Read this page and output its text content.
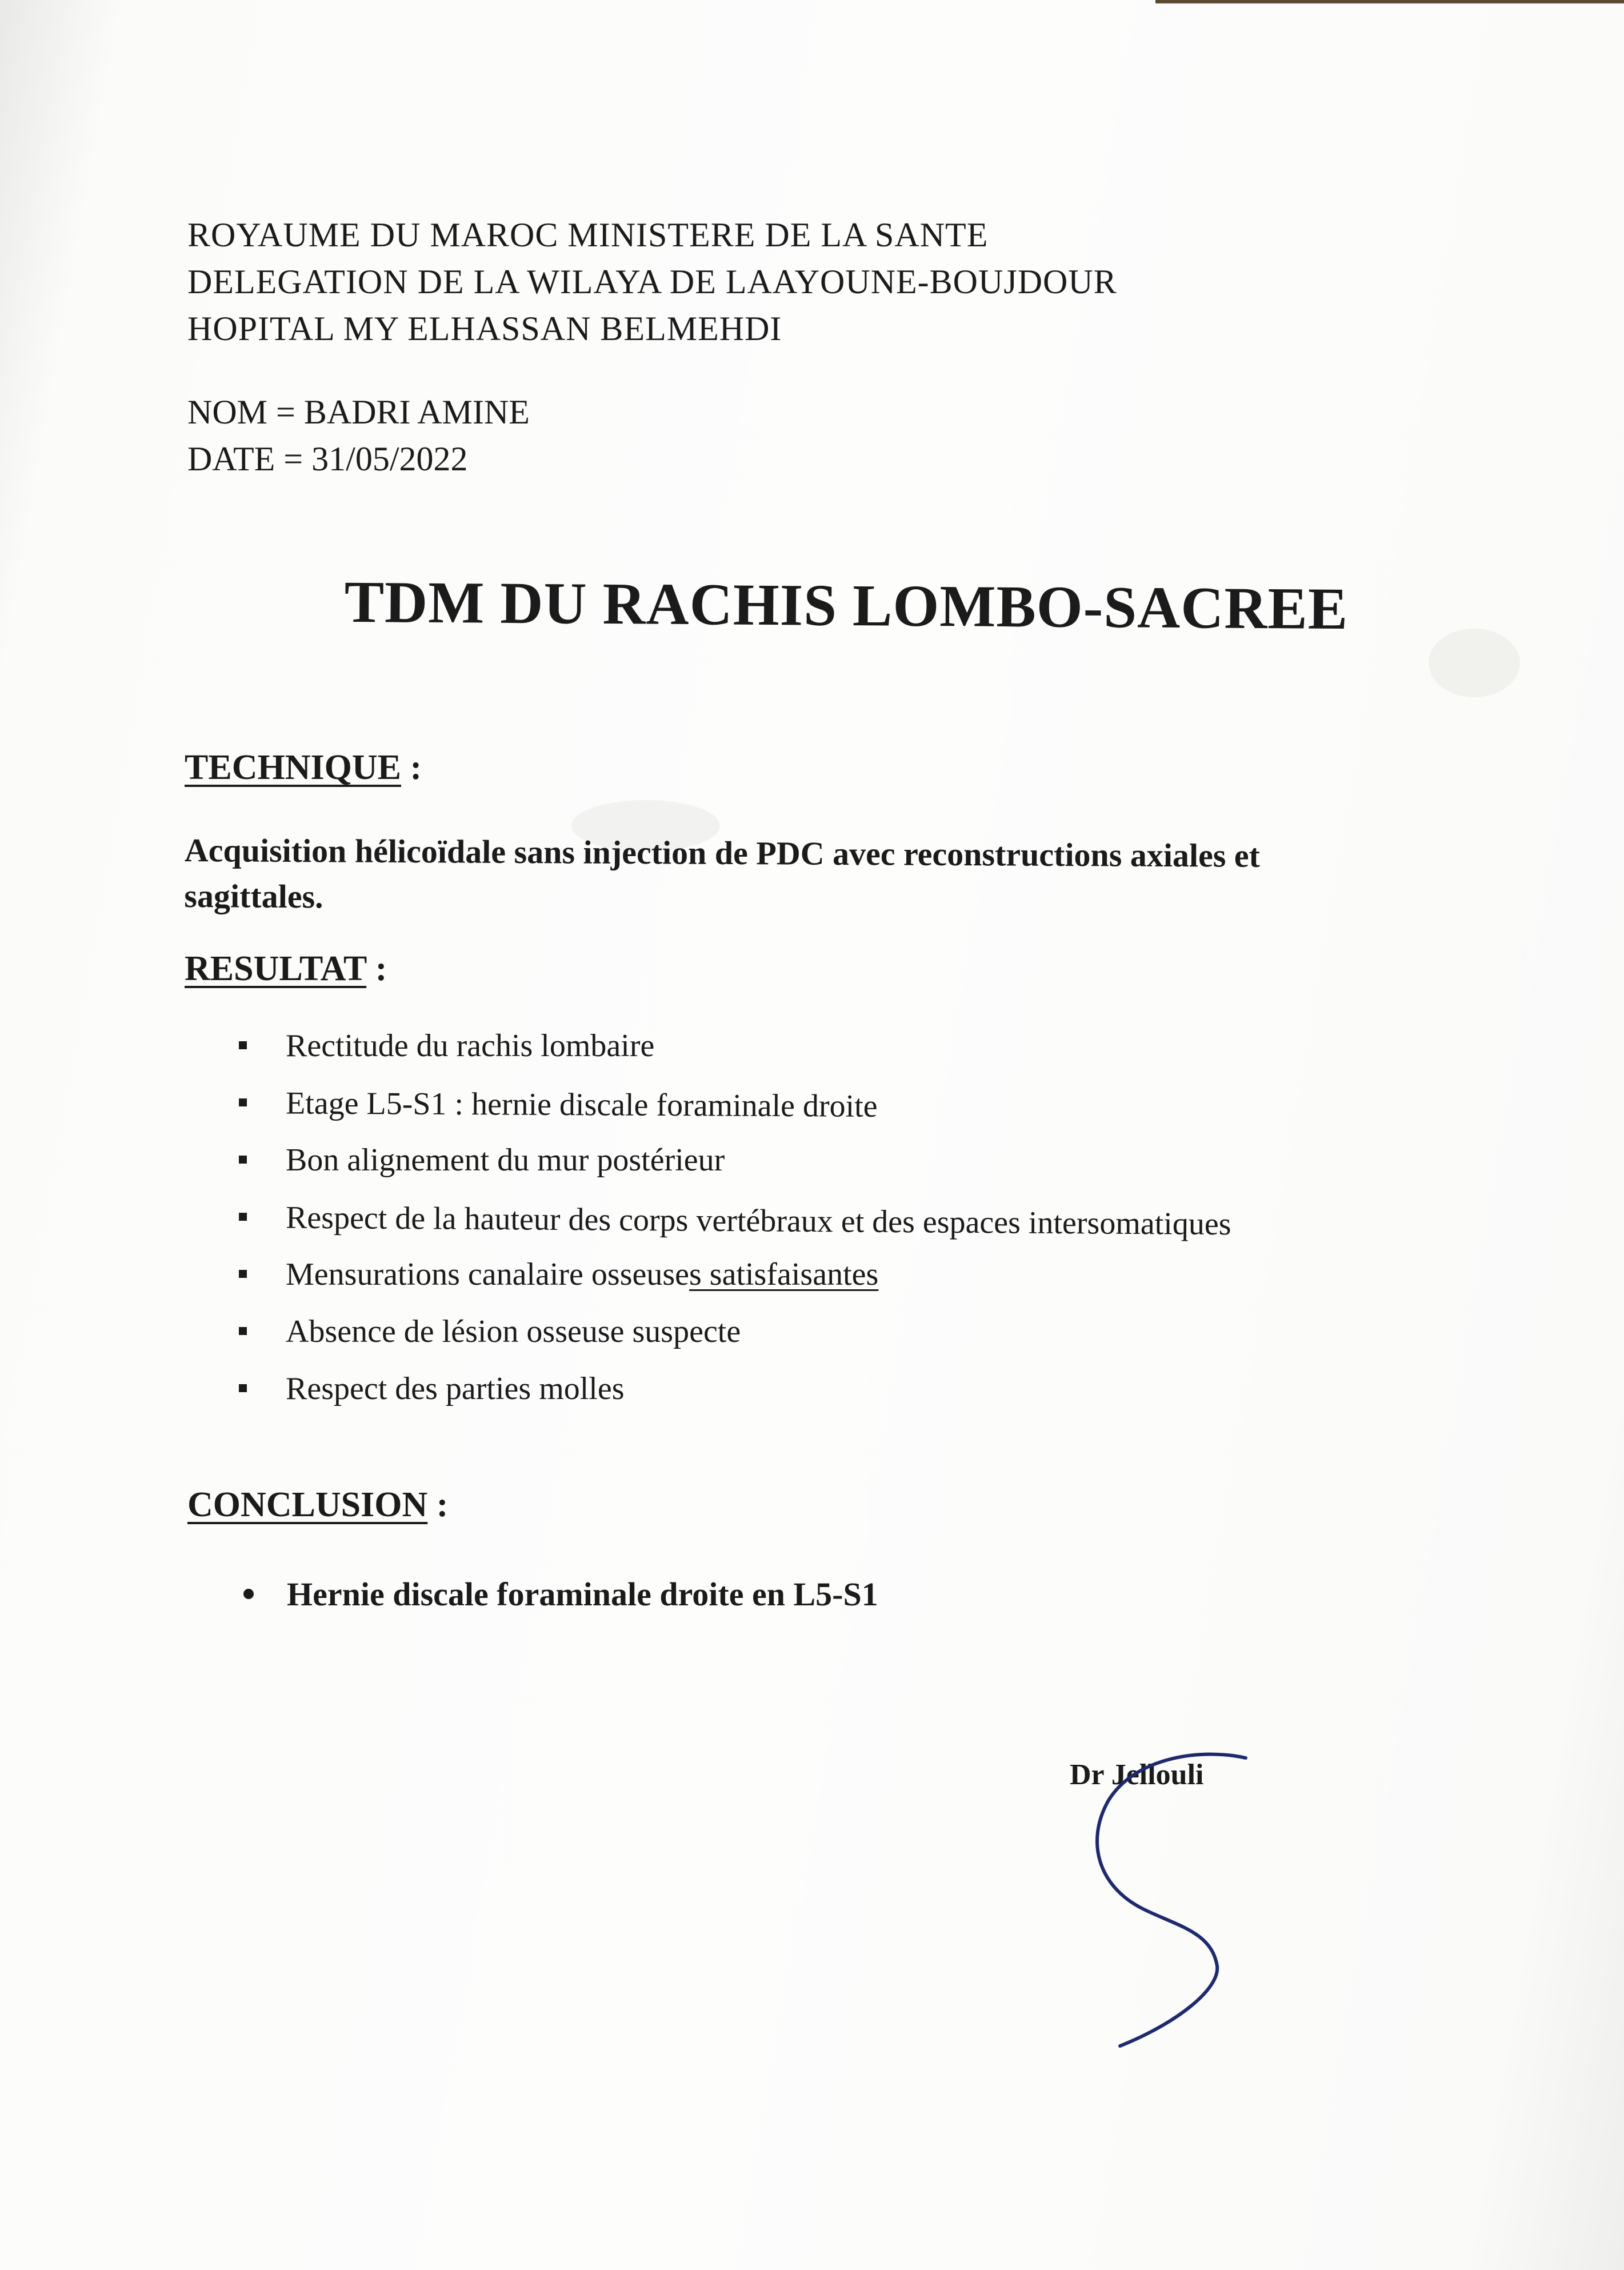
ROYAUME DU MAROC MINISTERE DE LA SANTE
DELEGATION DE LA WILAYA DE LAAYOUNE-BOUJDOUR
HOPITAL MY ELHASSAN BELMEHDI
NOM = BADRI AMINE
DATE = 31/05/2022
TDM DU RACHIS LOMBO-SACREE
TECHNIQUE :
Acquisition hélicoïdale sans injection de PDC avec reconstructions axiales et sagittales.
RESULTAT :
Rectitude du rachis lombaire
Etage L5-S1 : hernie discale foraminale droite
Bon alignement du mur postérieur
Respect de la hauteur des corps vertébraux et des espaces intersomatiques
Mensurations canalaire osseuses satisfaisantes
Absence de lésion osseuse suspecte
Respect des parties molles
CONCLUSION :
Hernie discale foraminale droite en L5-S1
Dr Jellouli
